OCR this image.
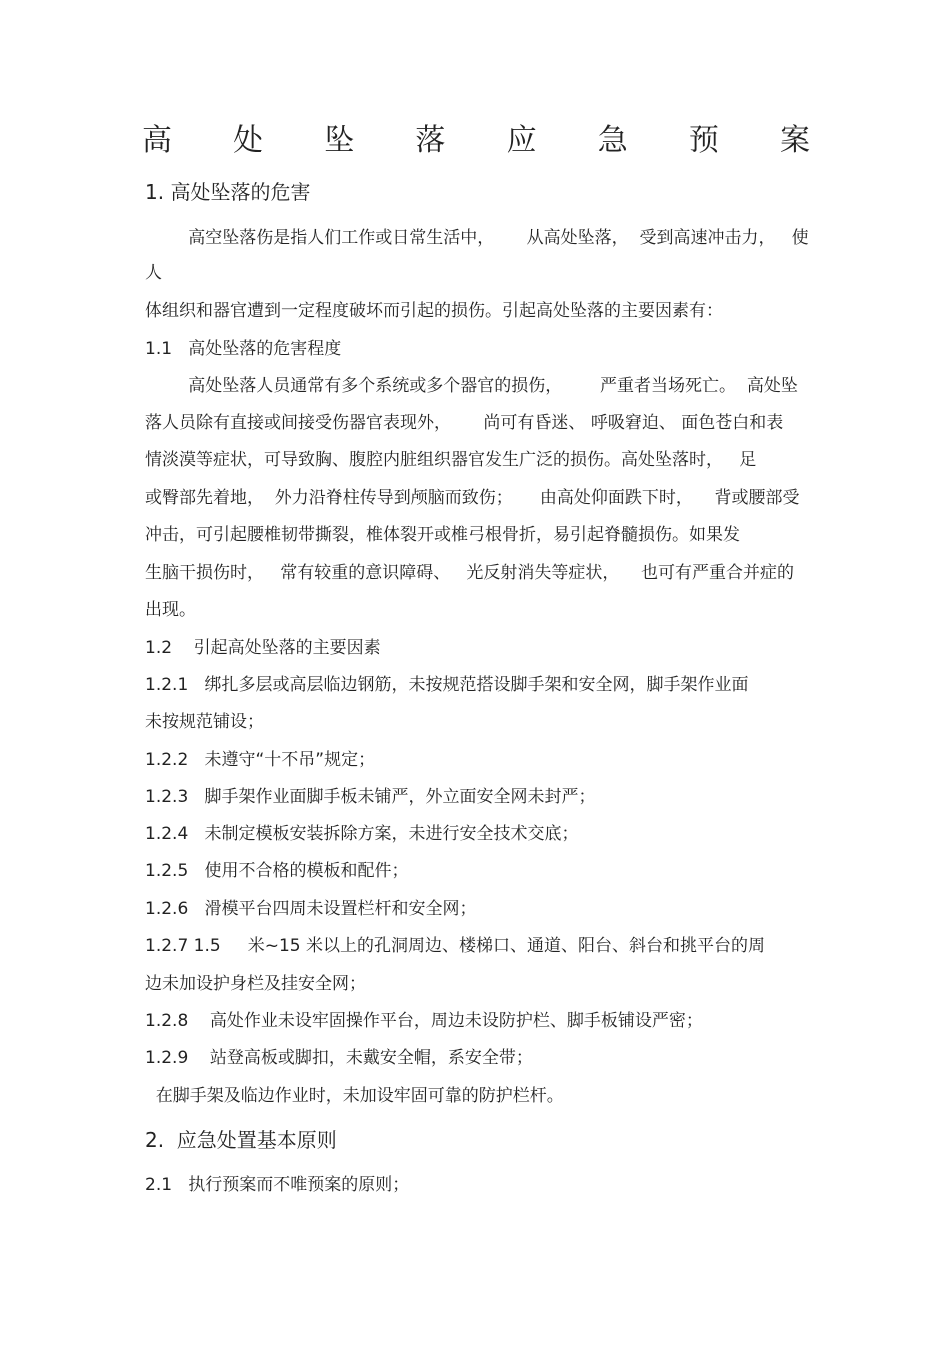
高 处 坠 落 应 急 预 案

1. 高处坠落的危害

高空坠落伤是指人们工作或日常生活中，      从高处坠落，  受到高速冲击力，   使

人

体组织和器官遭到一定程度破坏而引起的损伤。引起高处坠落的主要因素有：

1.1   高处坠落的危害程度

高处坠落人员通常有多个系统或多个器官的损伤，       严重者当场死亡。  高处坠

落人员除有直接或间接受伤器官表现外，      尚可有昏迷、 呼吸窘迫、 面色苍白和表

情淡漠等症状，可导致胸、腹腔内脏组织器官发生广泛的损伤。高处坠落时，   足

或臀部先着地，  外力沿脊柱传导到颅脑而致伤；     由高处仰面跌下时，    背或腰部受

冲击，可引起腰椎韧带撕裂，椎体裂开或椎弓根骨折，易引起脊髓损伤。如果发

生脑干损伤时，   常有较重的意识障碍、   光反射消失等症状，    也可有严重合并症的

出现。

1.2    引起高处坠落的主要因素

1.2.1   绑扎多层或高层临边钢筋，未按规范搭设脚手架和安全网，脚手架作业面

未按规范铺设；

1.2.2   未遵守“十不吊”规定；

1.2.3   脚手架作业面脚手板未铺严，外立面安全网未封严；

1.2.4   未制定模板安装拆除方案，未进行安全技术交底；

1.2.5   使用不合格的模板和配件；

1.2.6   滑模平台四周未设置栏杆和安全网；

1.2.7 1.5     米~15 米以上的孔洞周边、楼梯口、通道、阳台、斜台和挑平台的周

边未加设护身栏及挂安全网；

1.2.8    高处作业未设牢固操作平台，周边未设防护栏、脚手板铺设严密；

1.2.9    站登高板或脚扣，未戴安全帽，系安全带；

在脚手架及临边作业时，未加设牢固可靠的防护栏杆。

2.  应急处置基本原则

2.1   执行预案而不唯预案的原则；
